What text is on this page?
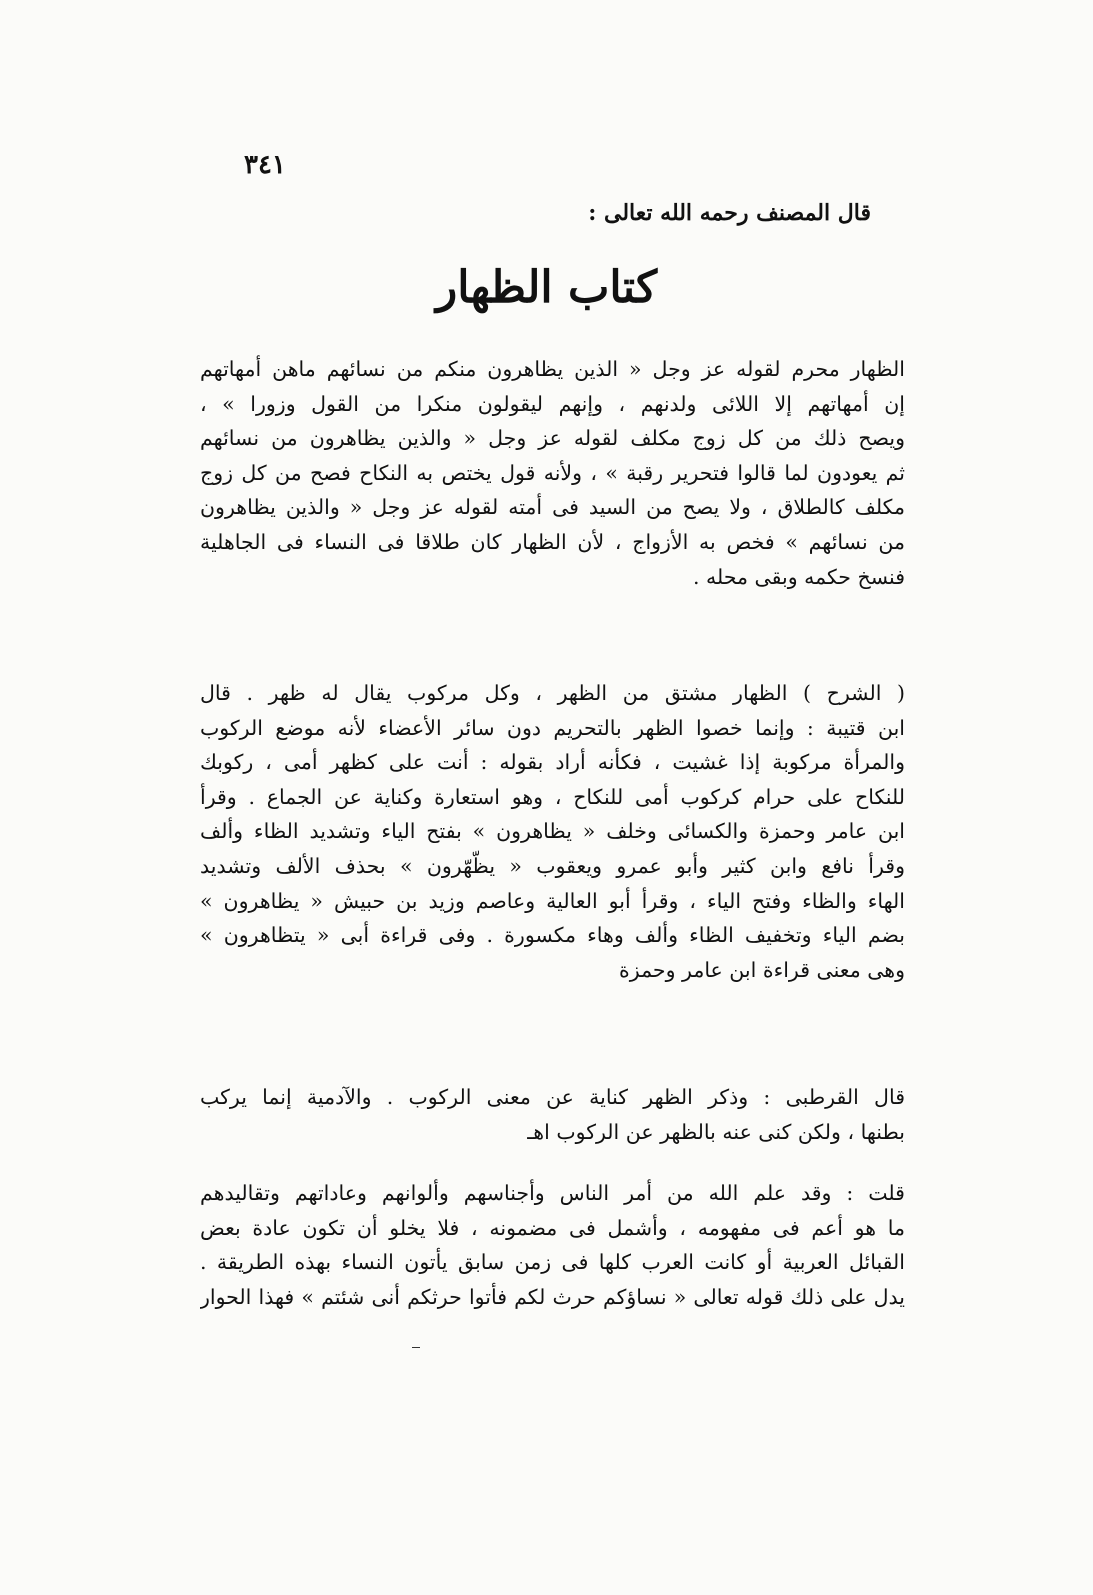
٣٤١
قال المصنف رحمه الله تعالى :
كتاب الظهار
الظهار محرم لقوله عز وجل « الذين يظاهرون منكم من نسائهم ماهن أمهاتهم
إن أمهاتهم إلا اللائى ولدنهم ، وإنهم ليقولون منكرا من القول وزورا » ،
ويصح ذلك من كل زوج مكلف لقوله عز وجل « والذين يظاهرون من نسائهم
ثم يعودون لما قالوا فتحرير رقبة » ، ولأنه قول يختص به النكاح فصح من كل زوج
مكلف كالطلاق ، ولا يصح من السيد فى أمته لقوله عز وجل « والذين يظاهرون
من نسائهم » فخص به الأزواج ، لأن الظهار كان طلاقا فى النساء فى الجاهلية
فنسخ حكمه وبقى محله .
( الشرح ) الظهار مشتق من الظهر ، وكل مركوب يقال له ظهر . قال
ابن قتيبة : وإنما خصوا الظهر بالتحريم دون سائر الأعضاء لأنه موضع الركوب
والمرأة مركوبة إذا غشيت ، فكأنه أراد بقوله : أنت على كظهر أمى ، ركوبك
للنكاح على حرام كركوب أمى للنكاح ، وهو استعارة وكناية عن الجماع . وقرأ
ابن عامر وحمزة والكسائى وخلف « يظاهرون » بفتح الياء وتشديد الظاء وألف
وقرأ نافع وابن كثير وأبو عمرو ويعقوب « يظّهّرون » بحذف الألف وتشديد
الهاء والظاء وفتح الياء ، وقرأ أبو العالية وعاصم وزيد بن حبيش « يظاهرون »
بضم الياء وتخفيف الظاء وألف وهاء مكسورة . وفى قراءة أبى « يتظاهرون »
وهى معنى قراءة ابن عامر وحمزة
قال القرطبى : وذكر الظهر كناية عن معنى الركوب . والآدمية إنما يركب
بطنها ، ولكن كنى عنه بالظهر عن الركوب اهـ
قلت : وقد علم الله من أمر الناس وأجناسهم وألوانهم وعاداتهم وتقاليدهم
ما هو أعم فى مفهومه ، وأشمل فى مضمونه ، فلا يخلو أن تكون عادة بعض
القبائل العربية أو كانت العرب كلها فى زمن سابق يأتون النساء بهذه الطريقة .
يدل على ذلك قوله تعالى « نساؤكم حرث لكم فأتوا حرثكم أنى شئتم » فهذا الحوار
